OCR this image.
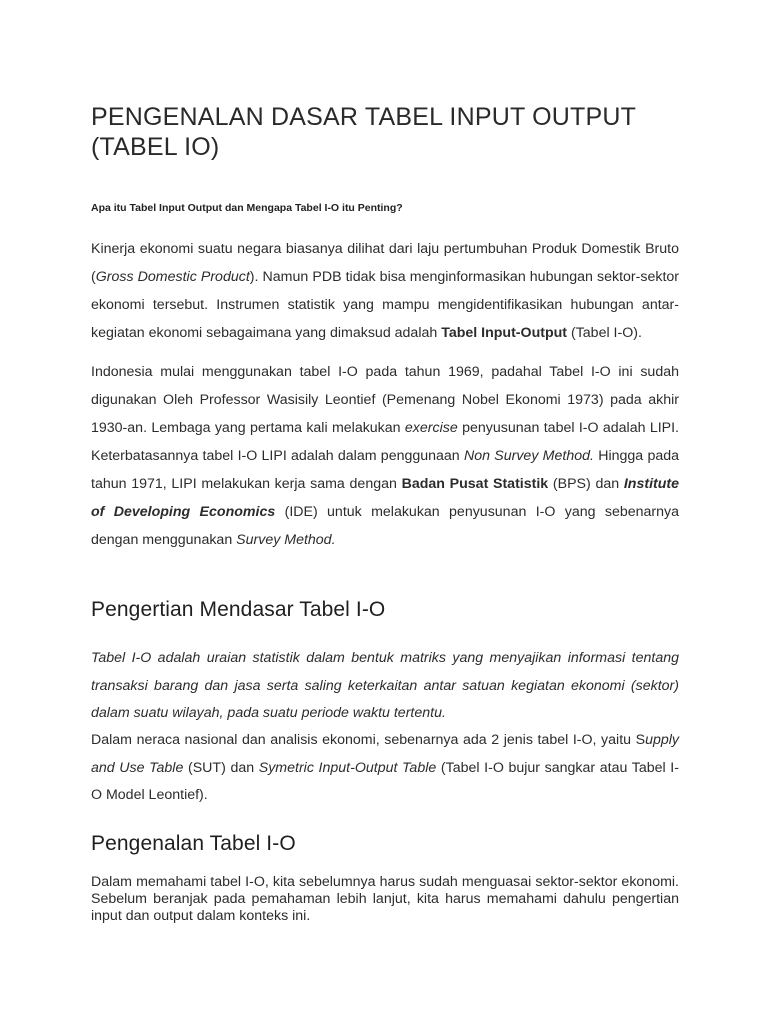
PENGENALAN DASAR TABEL INPUT OUTPUT (TABEL IO)

Apa itu Tabel Input Output dan Mengapa Tabel I-O itu Penting?

Kinerja ekonomi suatu negara biasanya dilihat dari laju pertumbuhan Produk Domestik Bruto (Gross Domestic Product). Namun PDB tidak bisa menginformasikan hubungan sektor-sektor ekonomi tersebut. Instrumen statistik yang mampu mengidentifikasikan hubungan antar-kegiatan ekonomi sebagaimana yang dimaksud adalah Tabel Input-Output (Tabel I-O).

Indonesia mulai menggunakan tabel I-O pada tahun 1969, padahal Tabel I-O ini sudah digunakan Oleh Professor Wasisily Leontief (Pemenang Nobel Ekonomi 1973) pada akhir 1930-an. Lembaga yang pertama kali melakukan exercise penyusunan tabel I-O adalah LIPI. Keterbatasannya tabel I-O LIPI adalah dalam penggunaan Non Survey Method. Hingga pada tahun 1971, LIPI melakukan kerja sama dengan Badan Pusat Statistik (BPS) dan Institute of Developing Economics (IDE) untuk melakukan penyusunan I-O yang sebenarnya dengan menggunakan Survey Method.

Pengertian Mendasar Tabel I-O

Tabel I-O adalah uraian statistik dalam bentuk matriks yang menyajikan informasi tentang transaksi barang dan jasa serta saling keterkaitan antar satuan kegiatan ekonomi (sektor) dalam suatu wilayah, pada suatu periode waktu tertentu.

Dalam neraca nasional dan analisis ekonomi, sebenarnya ada 2 jenis tabel I-O, yaitu Supply and Use Table (SUT) dan Symetric Input-Output Table (Tabel I-O bujur sangkar atau Tabel I-O Model Leontief).

Pengenalan Tabel I-O

Dalam memahami tabel I-O, kita sebelumnya harus sudah menguasai sektor-sektor ekonomi. Sebelum beranjak pada pemahaman lebih lanjut, kita harus memahami dahulu pengertian input dan output dalam konteks ini.
